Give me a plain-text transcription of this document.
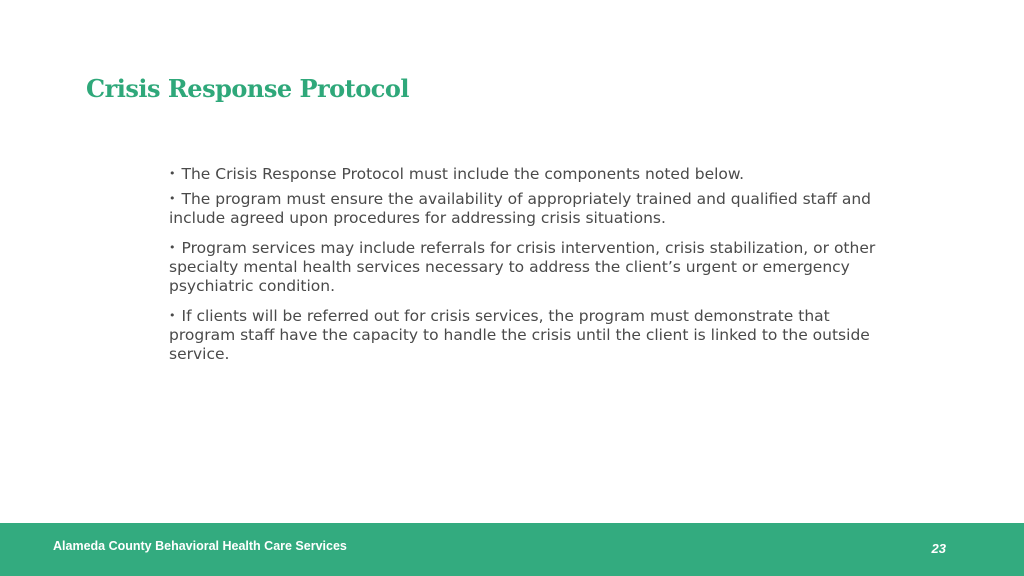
Crisis Response Protocol

• The Crisis Response Protocol must include the components noted below.

• The program must ensure the availability of appropriately trained and qualified staff and include agreed upon procedures for addressing crisis situations.

• Program services may include referrals for crisis intervention, crisis stabilization, or other specialty mental health services necessary to address the client’s urgent or emergency psychiatric condition.

• If clients will be referred out for crisis services, the program must demonstrate that program staff have the capacity to handle the crisis until the client is linked to the outside service.

Alameda County Behavioral Health Care Services	23
